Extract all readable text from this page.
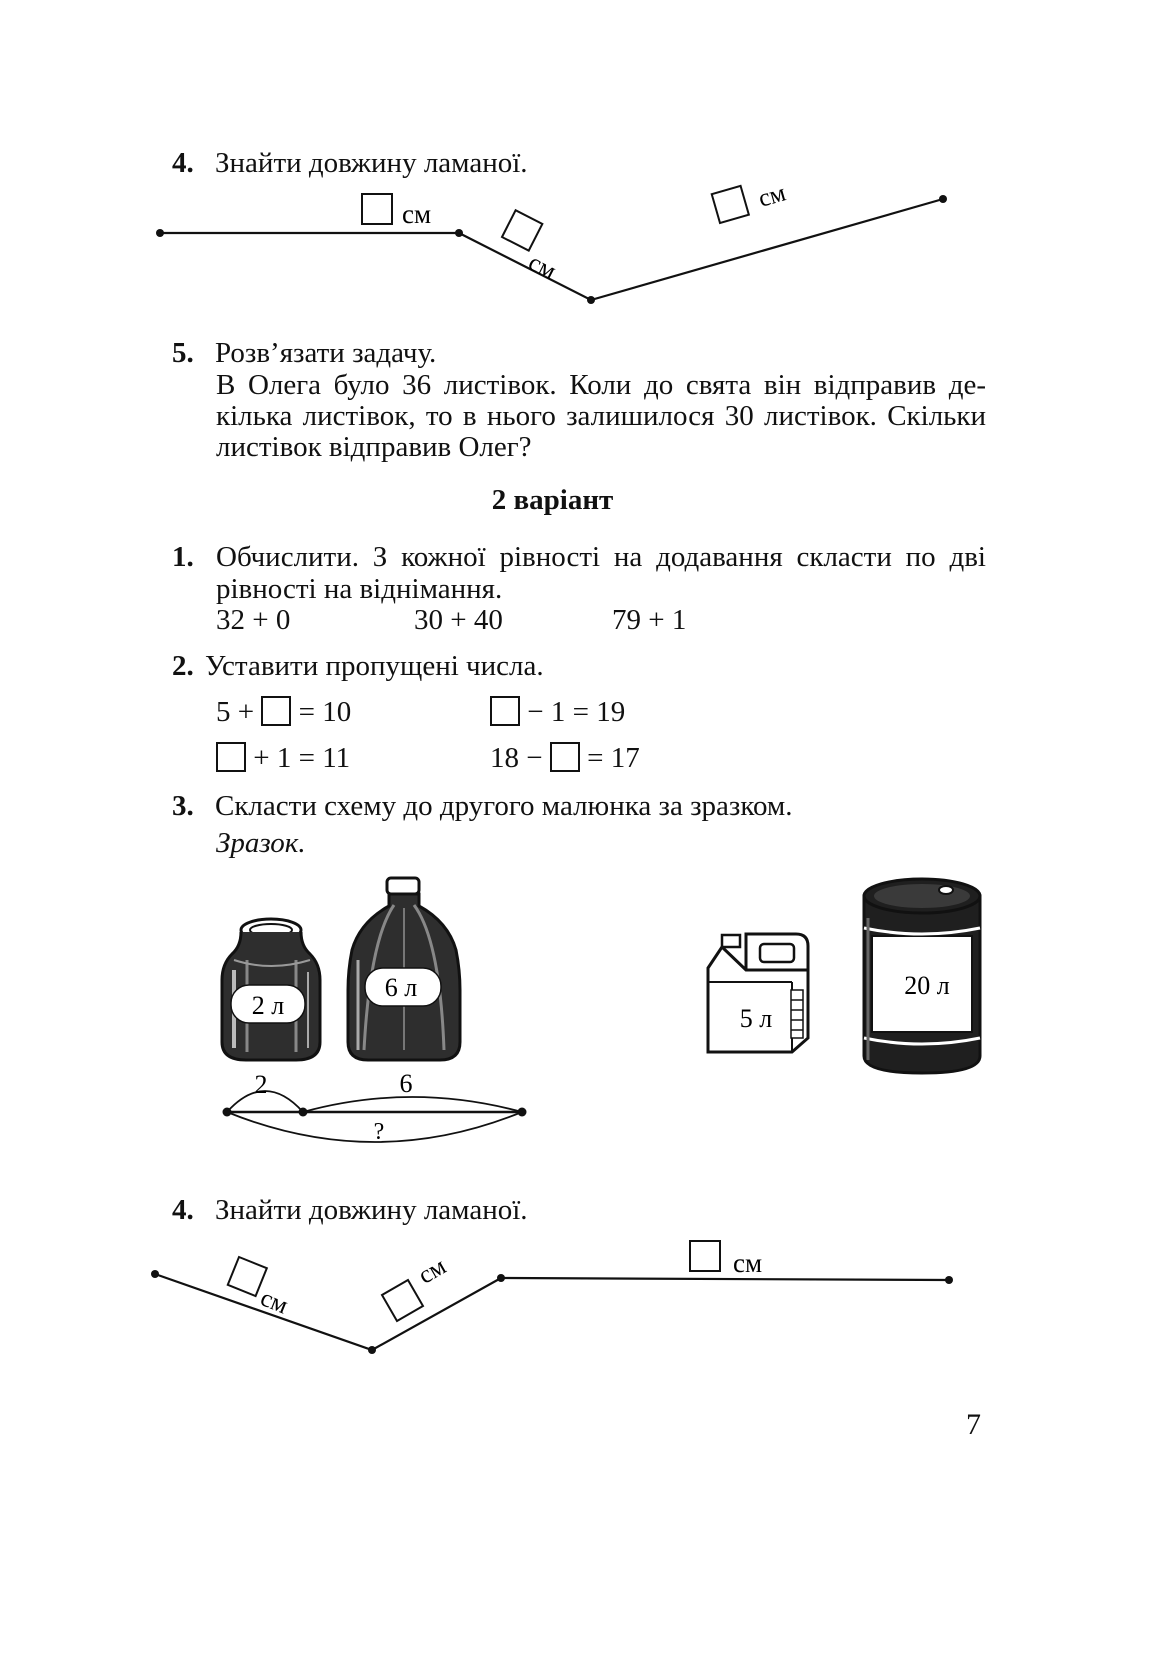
4. Знайти довжину ламаної.
см
см
см
5. Розв’язати задачу.
В Олега було 36 листівок. Коли до свята він відправив де-
кілька листівок, то в нього залишилося 30 листівок. Скільки
листівок відправив Олег?
2 варіант
1. Обчислити. З кожної рівності на додавання скласти по дві
рівності на віднімання.
32 + 0	30 + 40	79 + 1
2. Уставити пропущені числа.
5 + = 10	− 1 = 19
+ 1 = 11	18 − = 17
3. Скласти схему до другого малюнка за зразком.
Зразок.
2 л
6 л
2	6
?
5 л
20 л
4. Знайти довжину ламаної.
см
см	см
7
